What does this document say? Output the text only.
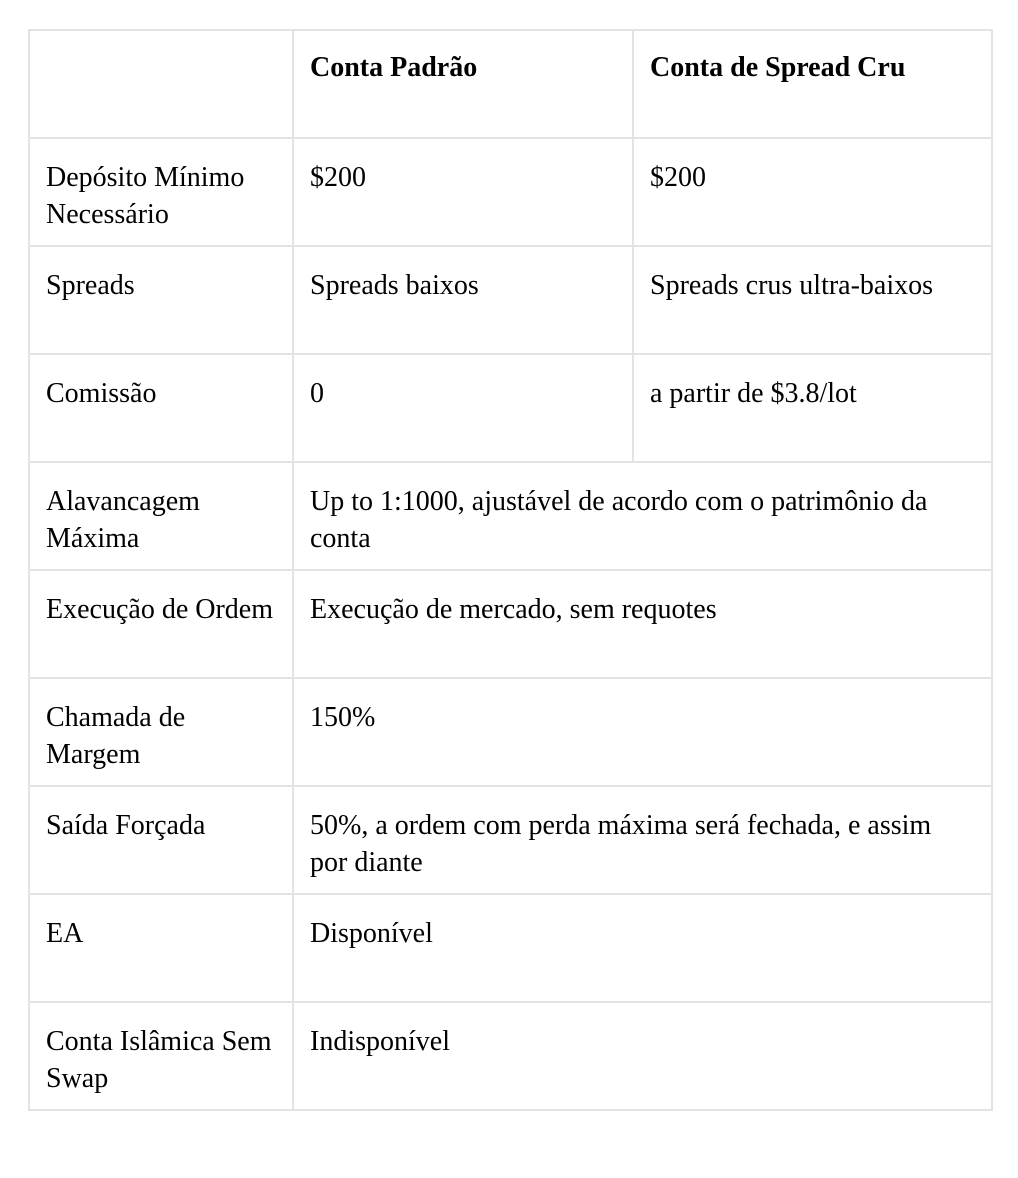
	Conta Padrão	Conta de Spread Cru
Depósito Mínimo Necessário	$200	$200
Spreads	Spreads baixos	Spreads crus ultra-baixos
Comissão	0	a partir de $3.8/lot
Alavancagem Máxima	Up to 1:1000, ajustável de acordo com o patrimônio da conta	
Execução de Ordem	Execução de mercado, sem requotes	
Chamada de Margem	150%	
Saída Forçada	50%, a ordem com perda máxima será fechada, e assim por diante	
EA	Disponível	
Conta Islâmica Sem Swap	Indisponível	
